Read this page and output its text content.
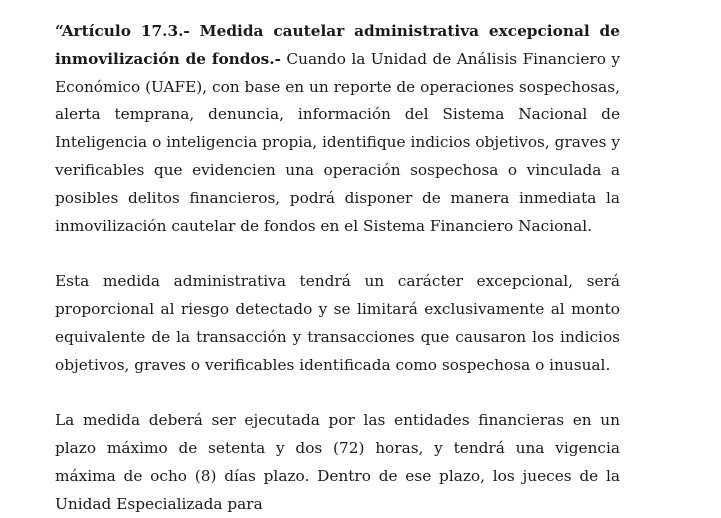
“Artículo 17.3.- Medida cautelar administrativa excepcional de inmovilización de fondos.- Cuando la Unidad de Análisis Financiero y Económico (UAFE), con base en un reporte de operaciones sospechosas, alerta temprana, denuncia, información del Sistema Nacional de Inteligencia o inteligencia propia, identifique indicios objetivos, graves y verificables que evidencien una operación sospechosa o vinculada a posibles delitos financieros, podrá disponer de manera inmediata la inmovilización cautelar de fondos en el Sistema Financiero Nacional.

Esta medida administrativa tendrá un carácter excepcional, será proporcional al riesgo detectado y se limitará exclusivamente al monto equivalente de la transacción y transacciones que causaron los indicios objetivos, graves o verificables identificada como sospechosa o inusual.

La medida deberá ser ejecutada por las entidades financieras en un plazo máximo de setenta y dos (72) horas, y tendrá una vigencia máxima de ocho (8) días plazo. Dentro de ese plazo, los jueces de la Unidad Especializada para
